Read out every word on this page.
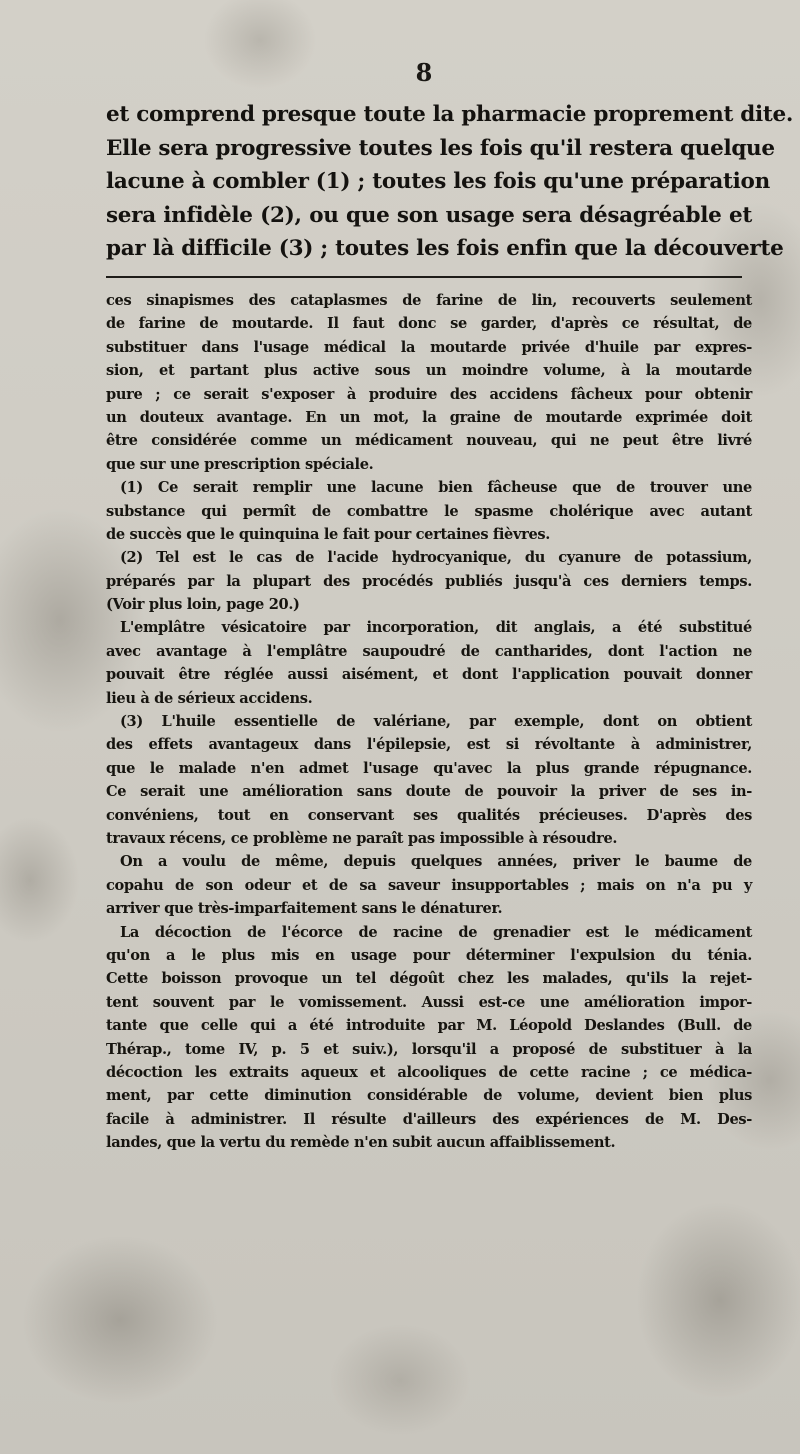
8
et comprend presque toute la pharmacie proprement dite.
Elle sera progressive toutes les fois qu'il restera quelque
lacune à combler (1) ; toutes les fois qu'une préparation
sera infidèle (2), ou que son usage sera désagréable et
par là difficile (3) ; toutes les fois enfin que la découverte
ces sinapismes des cataplasmes de farine de lin, recouverts seulement
de farine de moutarde. Il faut donc se garder, d'après ce résultat, de
substituer dans l'usage médical la moutarde privée d'huile par expres-
sion, et partant plus active sous un moindre volume, à la moutarde
pure ; ce serait s'exposer à produire des accidens fâcheux pour obtenir
un douteux avantage. En un mot, la graine de moutarde exprimée doit
être considérée comme un médicament nouveau, qui ne peut être livré
que sur une prescription spéciale.
(1) Ce serait remplir une lacune bien fâcheuse que de trouver une
substance qui permît de combattre le spasme cholérique avec autant
de succès que le quinquina le fait pour certaines fièvres.
(2) Tel est le cas de l'acide hydrocyanique, du cyanure de potassium,
préparés par la plupart des procédés publiés jusqu'à ces derniers temps.
(Voir plus loin, page 20.)
L'emplâtre vésicatoire par incorporation, dit anglais, a été substitué
avec avantage à l'emplâtre saupoudré de cantharides, dont l'action ne
pouvait être réglée aussi aisément, et dont l'application pouvait donner
lieu à de sérieux accidens.
(3) L'huile essentielle de valériane, par exemple, dont on obtient
des effets avantageux dans l'épilepsie, est si révoltante à administrer,
que le malade n'en admet l'usage qu'avec la plus grande répugnance.
Ce serait une amélioration sans doute de pouvoir la priver de ses in-
convéniens, tout en conservant ses qualités précieuses. D'après des
travaux récens, ce problème ne paraît pas impossible à résoudre.
On a voulu de même, depuis quelques années, priver le baume de
copahu de son odeur et de sa saveur insupportables ; mais on n'a pu y
arriver que très-imparfaitement sans le dénaturer.
La décoction de l'écorce de racine de grenadier est le médicament
qu'on a le plus mis en usage pour déterminer l'expulsion du ténia.
Cette boisson provoque un tel dégoût chez les malades, qu'ils la rejet-
tent souvent par le vomissement. Aussi est-ce une amélioration impor-
tante que celle qui a été introduite par M. Léopold Deslandes (Bull. de
Thérap., tome IV, p. 5 et suiv.), lorsqu'il a proposé de substituer à la
décoction les extraits aqueux et alcooliques de cette racine ; ce médica-
ment, par cette diminution considérable de volume, devient bien plus
facile à administrer. Il résulte d'ailleurs des expériences de M. Des-
landes, que la vertu du remède n'en subit aucun affaiblissement.
